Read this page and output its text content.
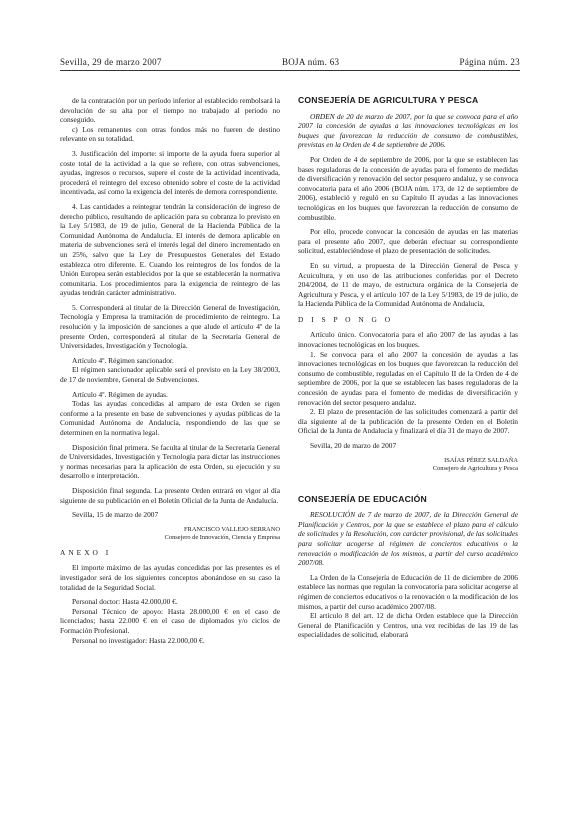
Sevilla, 29 de marzo 2007	BOJA núm. 63	Página núm. 23

de la contratación por un período inferior al establecido rembolsará la devolución de su alta por el tiempo no trabajado al periodo no conseguido.

c) Los remanentes con otras fondos más no fueren de destino relevante en su totalidad.

3. Justificación del importe: si importe de la ayuda fuera superior al coste total de la actividad a la que se refiere, con otras subvenciones, ayudas, ingresos o recursos, supere el coste de la actividad incentivada, procederá el reintegro del exceso obtenido sobre el coste de la actividad incentivada, así como la exigencia del interés de demora correspondiente.

4. Las cantidades a reintegrar tendrán la consideración de ingreso de derecho público, resultando de aplicación para su cobranza lo previsto en la Ley 5/1983, de 19 de julio, General de la Hacienda Pública de la Comunidad Autónoma de Andalucía. El interés de demora aplicable en materia de subvenciones será el interés legal del dinero incrementado en un 25%, salvo que la Ley de Presupuestos Generales del Estado establezca otro diferente. E. Cuando los reintegros de los fondos de la Unión Europea serán establecidos por la que se establecerán la normativa comunitaria. Los procedimientos para la exigencia de reintegro de las ayudas tendrán carácter administrativo.

5. Corresponderá al titular de la Dirección General de Investigación, Tecnología y Empresa la tramitación de procedimiento de reintegro. La resolución y la imposición de sanciones a que alude el artículo 4º de la presente Orden, corresponderá al titular de la Secretaría General de Universidades, Investigación y Tecnología.

Artículo 4º. Régimen sancionador.

El régimen sancionador aplicable será el previsto en la Ley 38/2003, de 17 de noviembre, General de Subvenciones.

Artículo 4º. Régimen de ayudas.

Todas las ayudas concedidas al amparo de esta Orden se rigen conforme a la presente en base de subvenciones y ayudas públicas de la Comunidad Autónoma de Andalucía, respondiendo de las que se determinen en la normativa legal.

Disposición final primera. Se faculta al titular de la Secretaría General de Universidades, Investigación y Tecnología para dictar las instrucciones y normas necesarias para la aplicación de esta Orden, su ejecución y su desarrollo e interpretación.

Disposición final segunda. La presente Orden entrará en vigor al día siguiente de su publicación en el Boletín Oficial de la Junta de Andalucía.

Sevilla, 15 de marzo de 2007

FRANCISCO VALLEJO SERRANO
Consejero de Innovación, Ciencia y Empresa

ANEXO I

El importe máximo de las ayudas concedidas por las presentes es el investigador será de los siguientes conceptos abonándose en su caso la totalidad de la Seguridad Social.

Personal doctor: Hasta 42.000,00 €.

Personal Técnico de apoyo: Hasta 28.000,00 € en el caso de licenciados; hasta 22.000 € en el caso de diplomados y/o ciclos de Formación Profesional.

Personal no investigador: Hasta 22.000,00 €.

CONSEJERÍA DE AGRICULTURA Y PESCA

ORDEN de 20 de marzo de 2007, por la que se convoca para el año 2007 la concesión de ayudas a las innovaciones tecnológicas en los buques que favorezcan la reducción de consumo de combustibles, previstas en la Orden de 4 de septiembre de 2006.

Por Orden de 4 de septiembre de 2006, por la que se establecen las bases reguladoras de la concesión de ayudas para el fomento de medidas de diversificación y renovación del sector pesquero andaluz, y se convoca convocatoria para el año 2006 (BOJA núm. 173, de 12 de septiembre de 2006), estableció y reguló en su Capítulo II ayudas a las innovaciones tecnológicas en los buques que favorezcan la reducción de consumo de combustible.

Por ello, procede convocar la concesión de ayudas en las materias para el presente año 2007, que deberán efectuar su correspondiente solicitud, estableciéndose el plazo de presentación de solicitudes.

En su virtud, a propuesta de la Dirección General de Pesca y Acuicultura, y en uso de las atribuciones conferidas por el Decreto 204/2004, de 11 de mayo, de estructura orgánica de la Consejería de Agricultura y Pesca, y el artículo 107 de la Ley 5/1983, de 19 de julio, de la Hacienda Pública de la Comunidad Autónoma de Andalucía,

D I S P O N G O

Artículo único. Convocatoria para el año 2007 de las ayudas a las innovaciones tecnológicas en los buques.

1. Se convoca para el año 2007 la concesión de ayudas a las innovaciones tecnológicas en los buques que favorezcan la reducción del consumo de combustible, reguladas en el Capítulo II de la Orden de 4 de septiembre de 2006, por la que se establecen las bases reguladoras de la concesión de ayudas para el fomento de medidas de diversificación y renovación del sector pesquero andaluz.

2. El plazo de presentación de las solicitudes comenzará a partir del día siguiente al de la publicación de la presente Orden en el Boletín Oficial de la Junta de Andalucía y finalizará el día 31 de mayo de 2007.

Sevilla, 20 de marzo de 2007

ISAÍAS PÉREZ SALDAÑA
Consejero de Agricultura y Pesca
CONSEJERÍA DE EDUCACIÓN

RESOLUCIÓN de 7 de marzo de 2007, de la Dirección General de Planificación y Centros, por la que se establece el plazo para el cálculo de solicitudes y la Resolución, con carácter provisional, de las solicitudes para solicitar acogerse al régimen de conciertos educativos o la renovación o modificación de los mismos, a partir del curso académico 2007/08.

La Orden de la Consejería de Educación de 11 de diciembre de 2006 establece las normas que regulan la convocatoria para solicitar acogerse al régimen de conciertos educativos o la renovación o la modificación de los mismos, a partir del curso académico 2007/08.

El artículo 8 del art. 12 de dicha Orden establece que la Dirección General de Planificación y Centros, una vez recibidas de las 19 de las especialidades de solicitud, elaborará
